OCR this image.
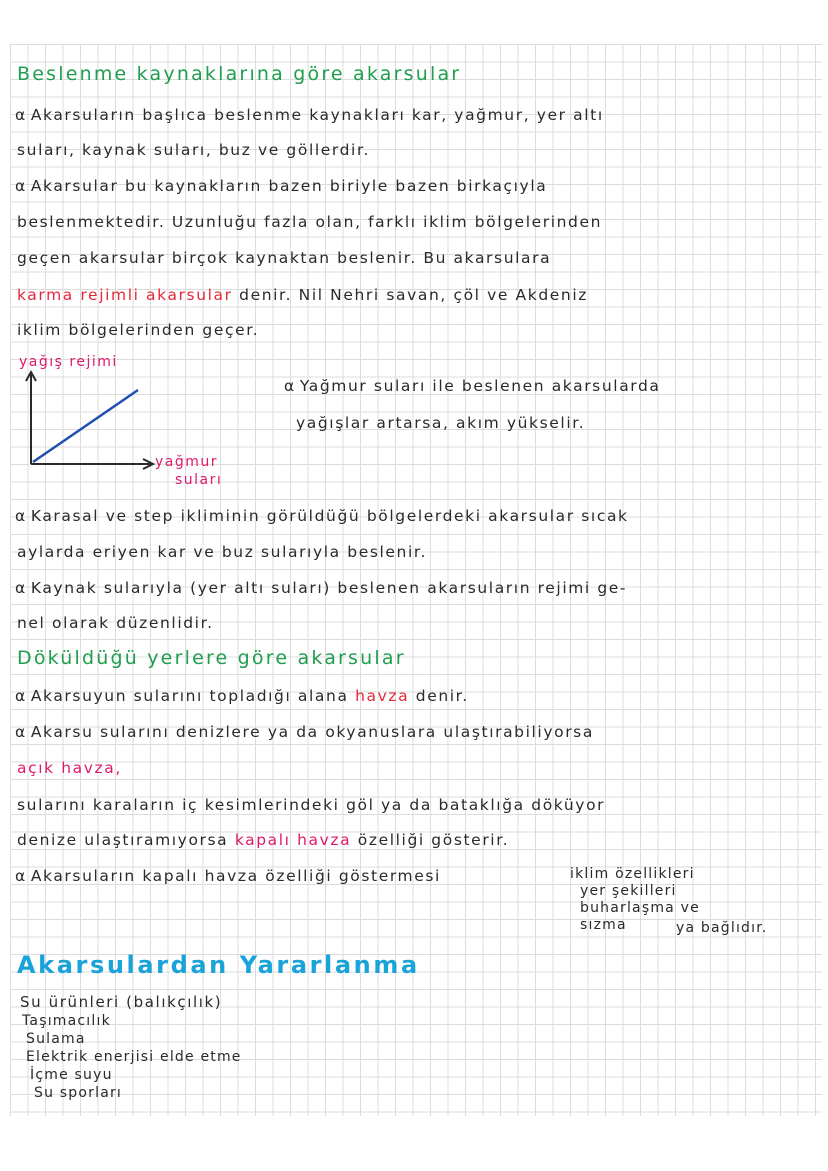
Beslenme kaynaklarına göre akarsular
α Akarsuların başlıca beslenme kaynakları kar, yağmur, yer altı
suları, kaynak suları, buz ve göllerdir.
α Akarsular bu kaynakların bazen biriyle bazen birkaçıyla
beslenmektedir. Uzunluğu fazla olan, farklı iklim bölgelerinden
geçen akarsular birçok kaynaktan beslenir. Bu akarsulara
karma rejimli akarsular denir. Nil Nehri savan, çöl ve Akdeniz
iklim bölgelerinden geçer.
yağış rejimi
yağmur
suları
α Yağmur suları ile beslenen akarsularda
yağışlar artarsa, akım yükselir.
α Karasal ve step ikliminin görüldüğü bölgelerdeki akarsular sıcak
aylarda eriyen kar ve buz sularıyla beslenir.
α Kaynak sularıyla (yer altı suları) beslenen akarsuların rejimi ge-
nel olarak düzenlidir.
Döküldüğü yerlere göre akarsular
α Akarsuyun sularını topladığı alana havza denir.
α Akarsu sularını denizlere ya da okyanuslara ulaştırabiliyorsa
açık havza,
sularını karaların iç kesimlerindeki göl ya da bataklığa döküyor
denize ulaştıramıyorsa kapalı havza özelliği gösterir.
α Akarsuların kapalı havza özelliği göstermesi	iklim özellikleri
yer şekilleri
buharlaşma ve
sızma	ya bağlıdır.
Akarsulardan Yararlanma
Su ürünleri (balıkçılık)
Taşımacılık
Sulama
Elektrik enerjisi elde etme
İçme suyu
Su sporları
